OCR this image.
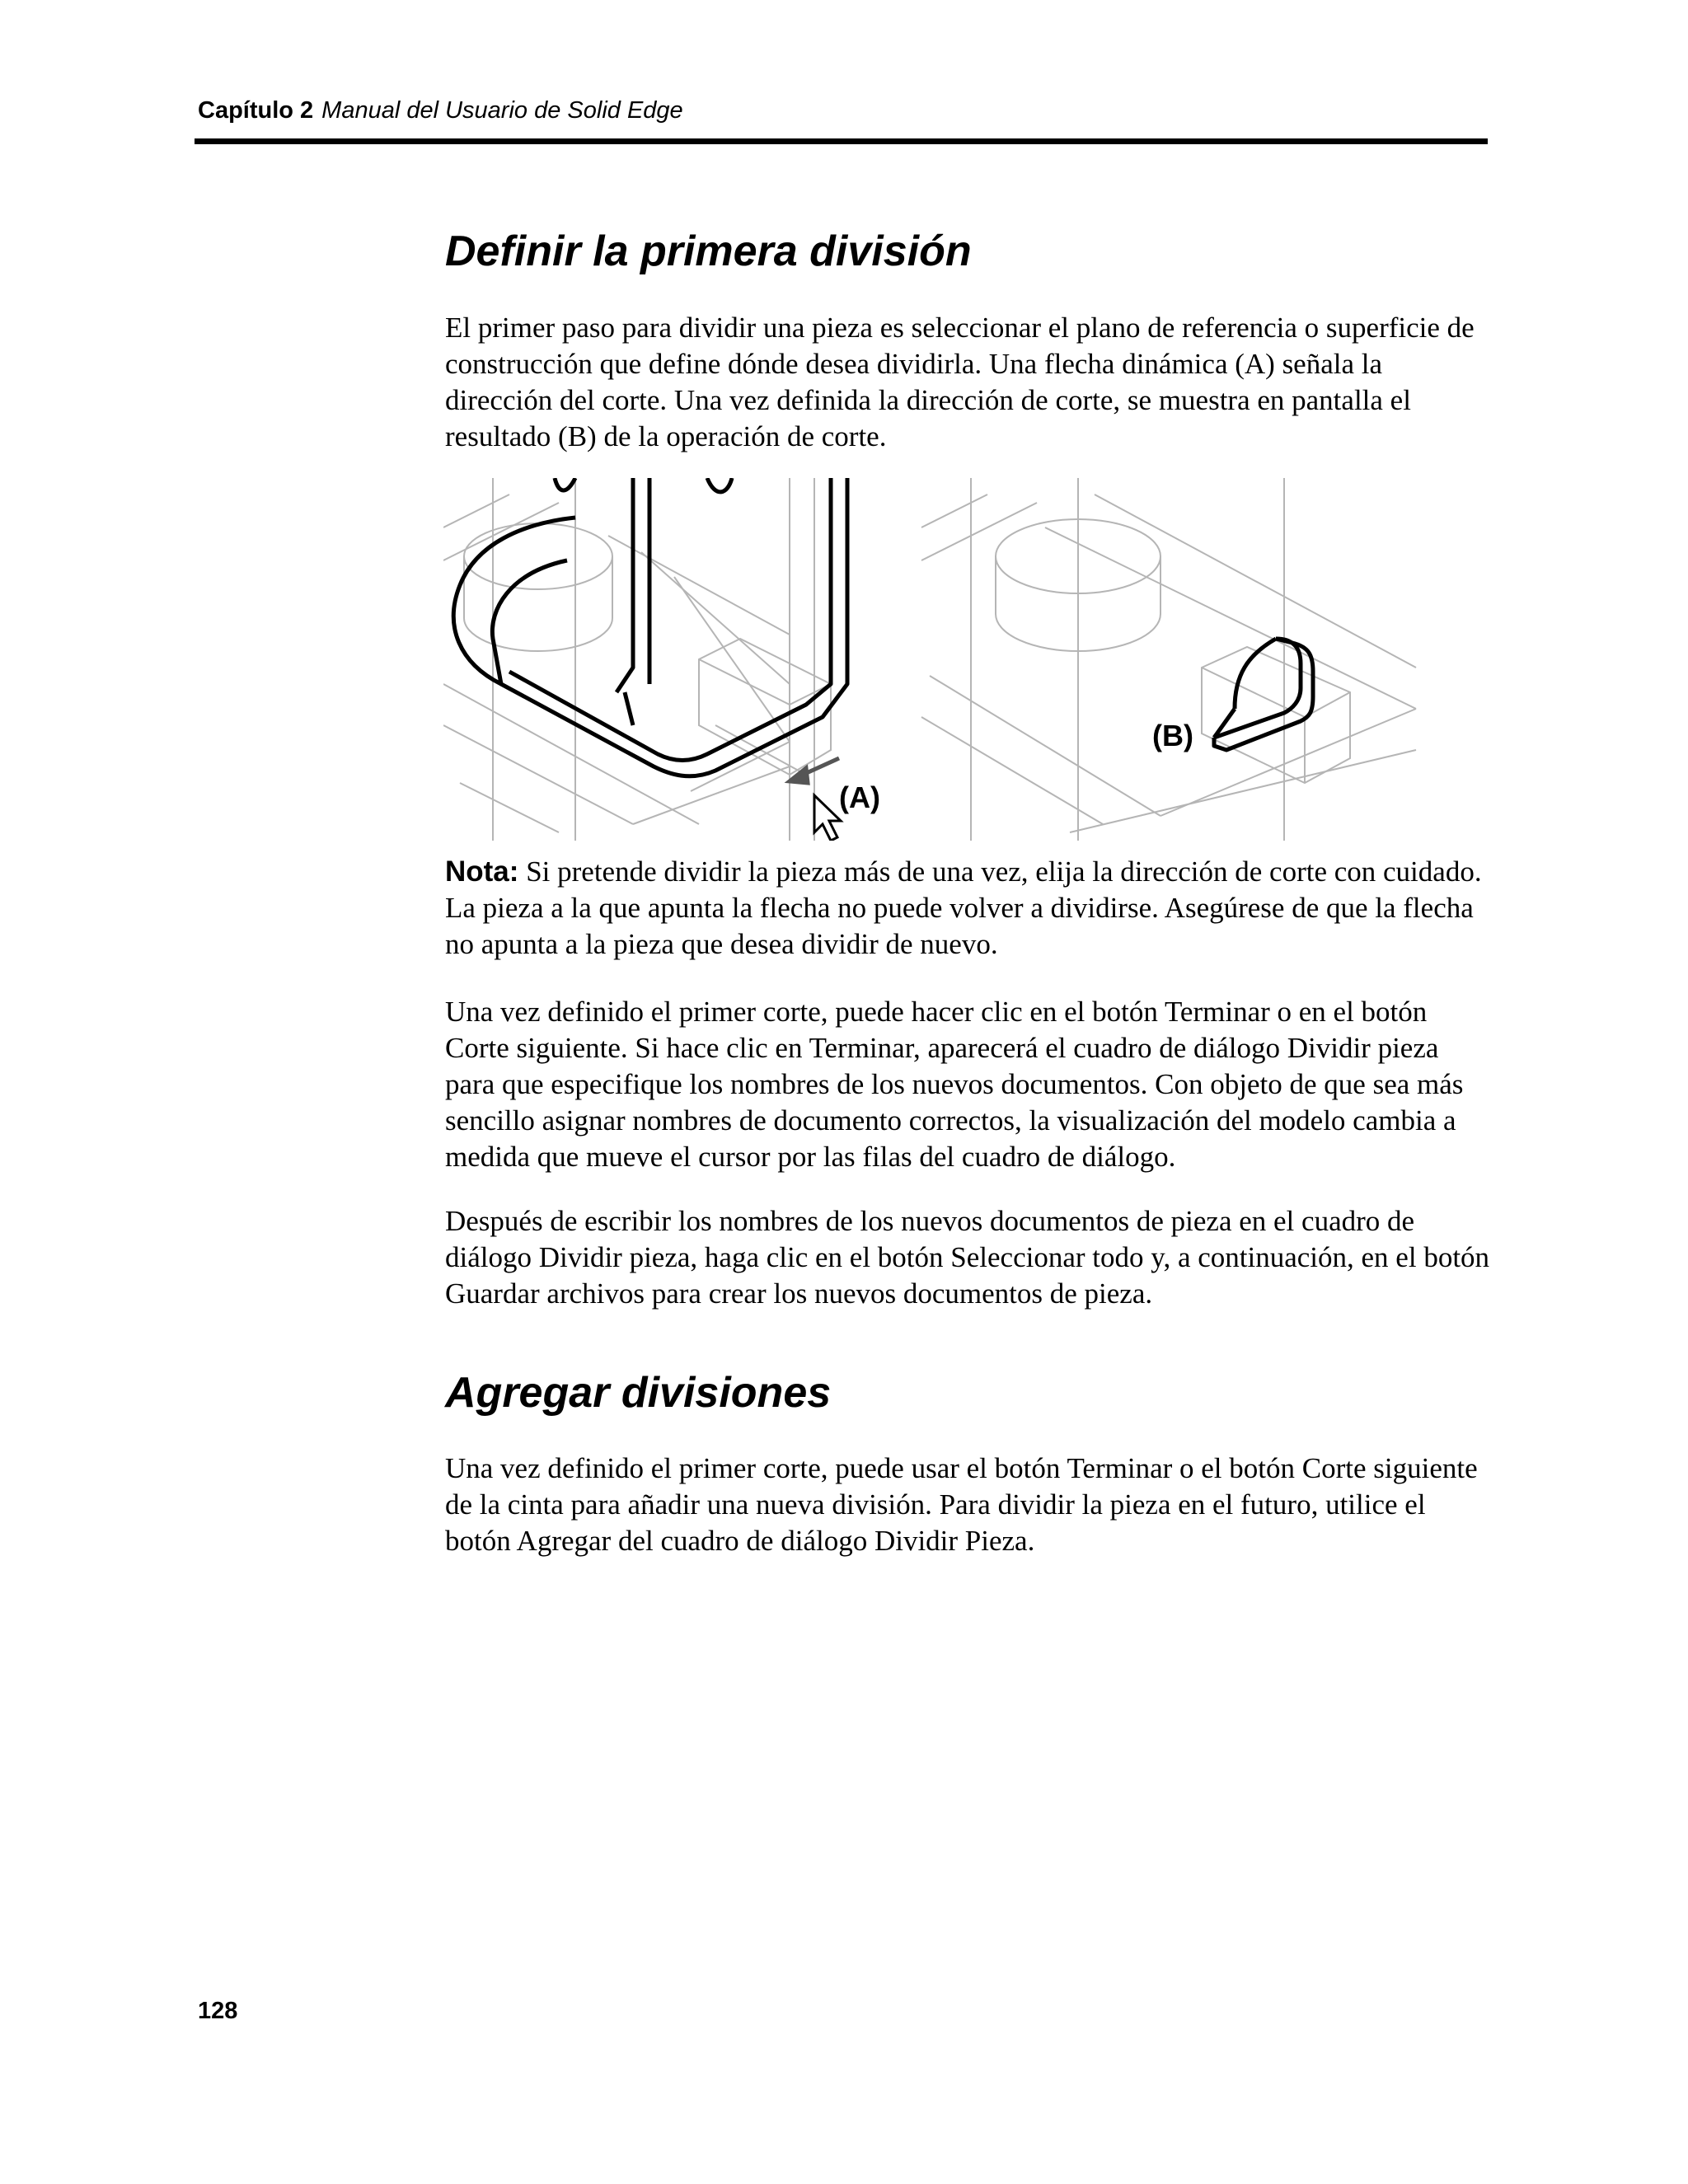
Capítulo 2 Manual del Usuario de Solid Edge
Definir la primera división

El primer paso para dividir una pieza es seleccionar el plano de referencia o superficie de construcción que define dónde desea dividirla. Una flecha dinámica (A) señala la dirección del corte. Una vez definida la dirección de corte, se muestra en pantalla el resultado (B) de la operación de corte.

(A)
(B)

Nota: Si pretende dividir la pieza más de una vez, elija la dirección de corte con cuidado. La pieza a la que apunta la flecha no puede volver a dividirse. Asegúrese de que la flecha no apunta a la pieza que desea dividir de nuevo.

Una vez definido el primer corte, puede hacer clic en el botón Terminar o en el botón Corte siguiente. Si hace clic en Terminar, aparecerá el cuadro de diálogo Dividir pieza para que especifique los nombres de los nuevos documentos. Con objeto de que sea más sencillo asignar nombres de documento correctos, la visualización del modelo cambia a medida que mueve el cursor por las filas del cuadro de diálogo.

Después de escribir los nombres de los nuevos documentos de pieza en el cuadro de diálogo Dividir pieza, haga clic en el botón Seleccionar todo y, a continuación, en el botón Guardar archivos para crear los nuevos documentos de pieza.

Agregar divisiones

Una vez definido el primer corte, puede usar el botón Terminar o el botón Corte siguiente de la cinta para añadir una nueva división. Para dividir la pieza en el futuro, utilice el botón Agregar del cuadro de diálogo Dividir Pieza.

128
